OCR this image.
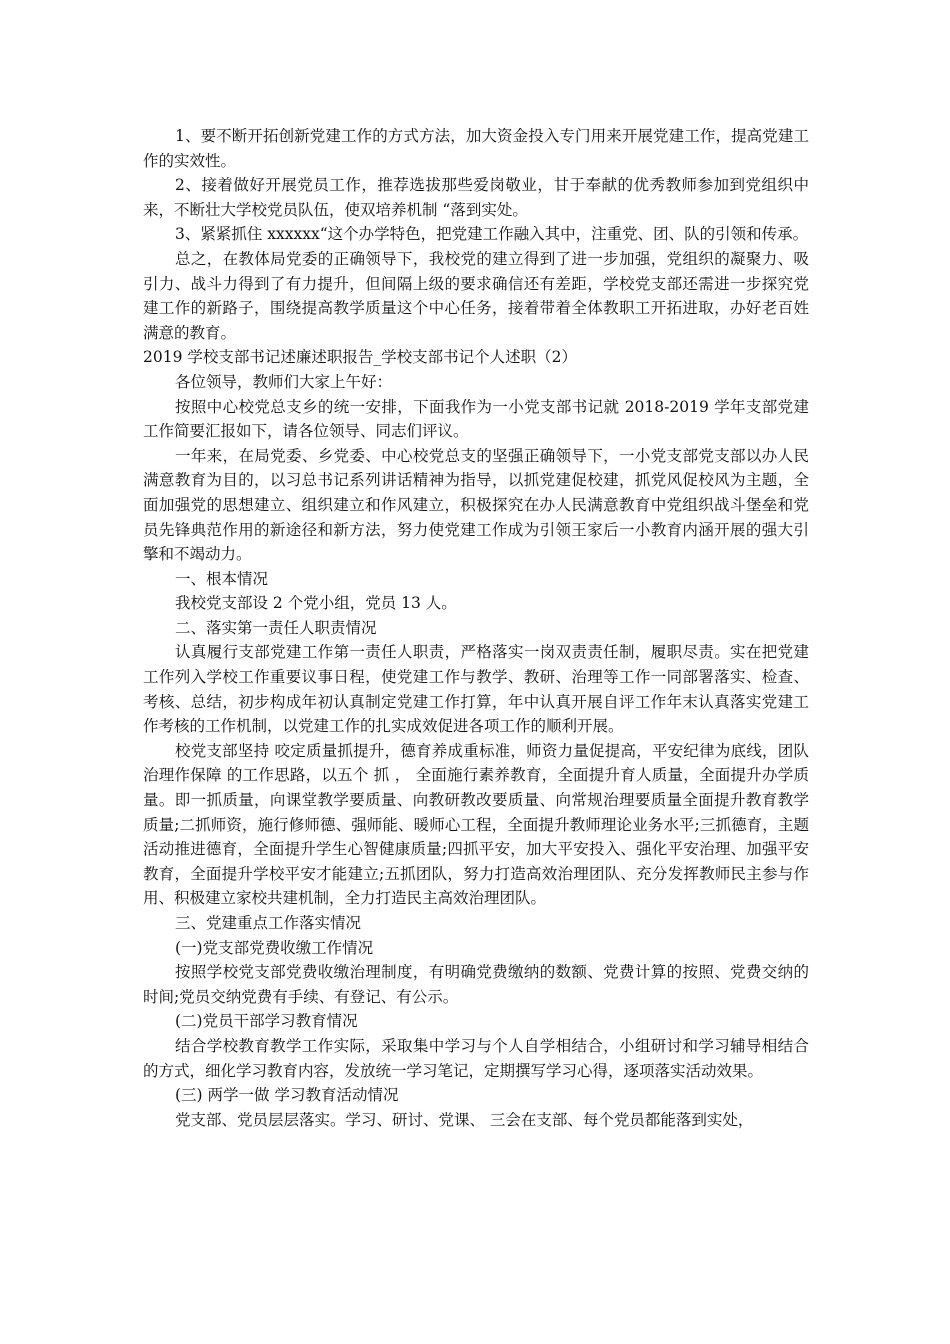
1、要不断开拓创新党建工作的方式方法，加大资金投入专门用来开展党建工作，提高党建工作的实效性。

2、接着做好开展党员工作，推荐选拔那些爱岗敬业，甘于奉献的优秀教师参加到党组织中来，不断壮大学校党员队伍，使双培养机制 “落到实处。

3、紧紧抓住 xxxxxx“这个办学特色，把党建工作融入其中，注重党、团、队的引领和传承。

总之，在教体局党委的正确领导下，我校党的建立得到了进一步加强，党组织的凝聚力、吸引力、战斗力得到了有力提升，但间隔上级的要求确信还有差距，学校党支部还需进一步探究党建工作的新路子，围绕提高教学质量这个中心任务，接着带着全体教职工开拓进取，办好老百姓满意的教育。

2019 学校支部书记述廉述职报告_学校支部书记个人述职（2）

各位领导，教师们大家上午好：

按照中心校党总支乡的统一安排，下面我作为一小党支部书记就 2018-2019 学年支部党建工作简要汇报如下，请各位领导、同志们评议。

一年来，在局党委、乡党委、中心校党总支的坚强正确领导下，一小党支部党支部以办人民满意教育为目的，以习总书记系列讲话精神为指导，以抓党建促校建，抓党风促校风为主题，全面加强党的思想建立、组织建立和作风建立，积极探究在办人民满意教育中党组织战斗堡垒和党员先锋典范作用的新途径和新方法，努力使党建工作成为引领王家后一小教育内涵开展的强大引擎和不竭动力。

一、根本情况

我校党支部设 2 个党小组，党员 13 人。

二、落实第一责任人职责情况

认真履行支部党建工作第一责任人职责，严格落实一岗双责责任制，履职尽责。实在把党建工作列入学校工作重要议事日程，使党建工作与教学、教研、治理等工作一同部署落实、检查、考核、总结，初步构成年初认真制定党建工作打算，年中认真开展自评工作年末认真落实党建工作考核的工作机制，以党建工作的扎实成效促进各项工作的顺利开展。

校党支部坚持 咬定质量抓提升，德育养成重标准，师资力量促提高，平安纪律为底线，团队治理作保障 的工作思路，以五个 抓 ， 全面施行素养教育，全面提升育人质量，全面提升办学质量。即一抓质量，向课堂教学要质量、向教研教改要质量、向常规治理要质量全面提升教育教学质量;二抓师资，施行修师德、强师能、暖师心工程，全面提升教师理论业务水平;三抓德育，主题活动推进德育，全面提升学生心智健康质量;四抓平安，加大平安投入、强化平安治理、加强平安教育，全面提升学校平安才能建立;五抓团队，努力打造高效治理团队、充分发挥教师民主参与作用、积极建立家校共建机制，全力打造民主高效治理团队。

三、党建重点工作落实情况

(一)党支部党费收缴工作情况

按照学校党支部党费收缴治理制度，有明确党费缴纳的数额、党费计算的按照、党费交纳的时间;党员交纳党费有手续、有登记、有公示。

(二)党员干部学习教育情况

结合学校教育教学工作实际，采取集中学习与个人自学相结合，小组研讨和学习辅导相结合的方式，细化学习教育内容，发放统一学习笔记，定期撰写学习心得，逐项落实活动效果。

(三) 两学一做 学习教育活动情况

党支部、党员层层落实。学习、研讨、党课、 三会在支部、每个党员都能落到实处，
